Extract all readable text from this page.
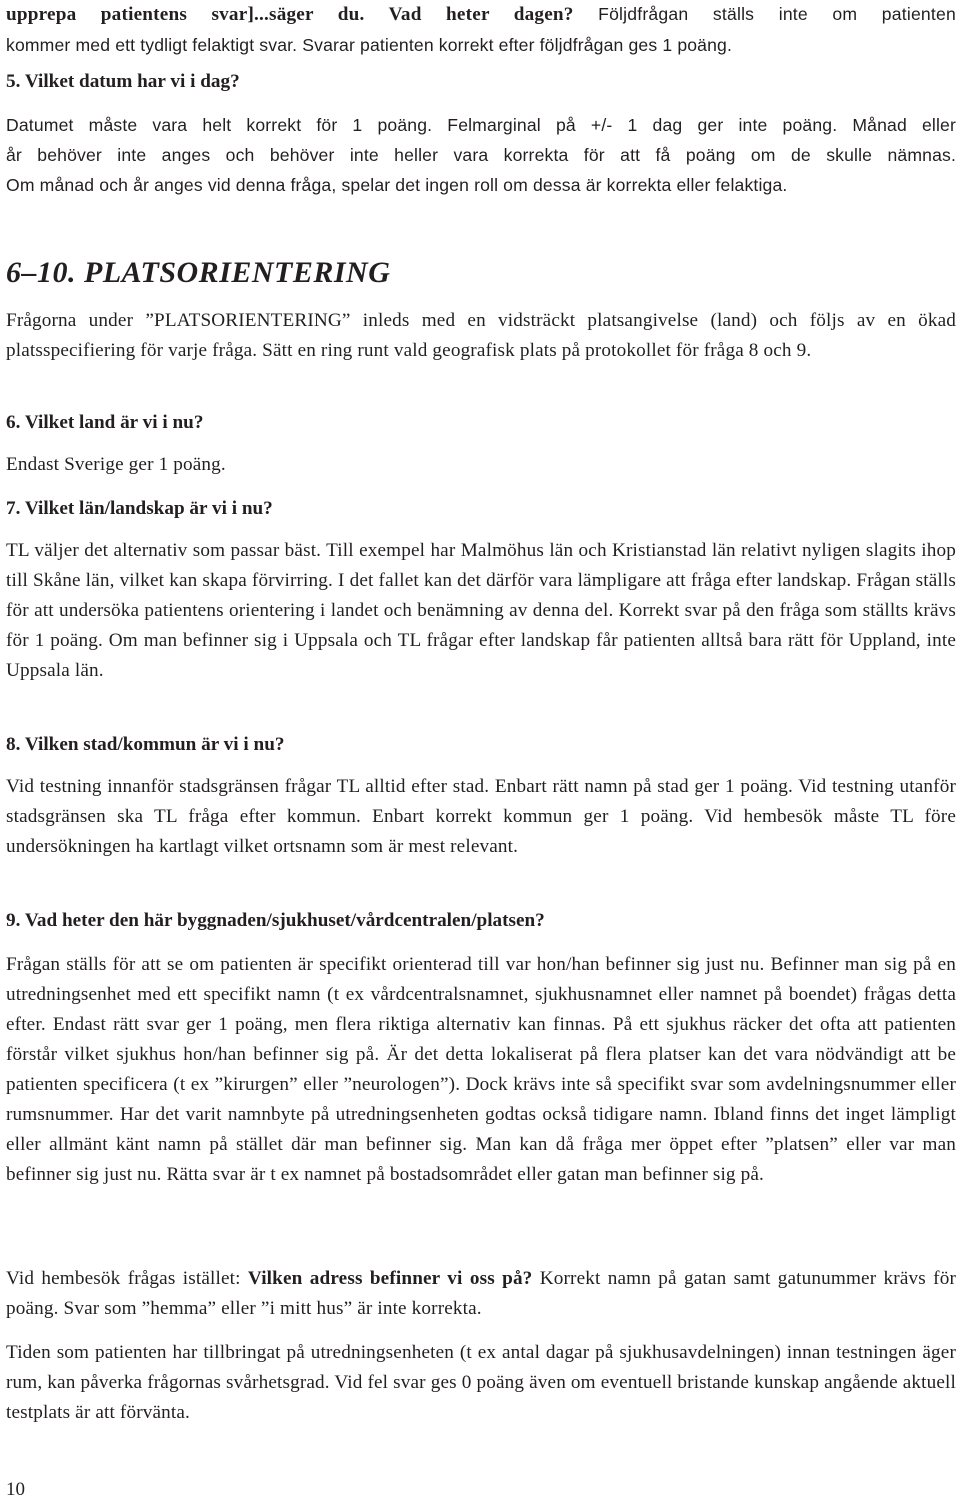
upprepa patientens svar]...säger du. Vad heter dagen? Följdfrågan ställs inte om patienten

kommer med ett tydligt felaktigt svar. Svarar patienten korrekt efter följdfrågan ges 1 poäng.

5. Vilket datum har vi i dag?

Datumet måste vara helt korrekt för 1 poäng. Felmarginal på +/- 1 dag ger inte poäng. Månad eller

år behöver inte anges och behöver inte heller vara korrekta för att få poäng om de skulle nämnas.

Om månad och år anges vid denna fråga, spelar det ingen roll om dessa är korrekta eller felaktiga.

6–10. PLATSORIENTERING

Frågorna under ”PLATSORIENTERING” inleds med en vidsträckt platsangivelse (land) och följs av en ökad platsspecifiering för varje fråga. Sätt en ring runt vald geografisk plats på protokollet för fråga 8 och 9.

6. Vilket land är vi i nu?

Endast Sverige ger 1 poäng.

7. Vilket län/landskap är vi i nu?

TL väljer det alternativ som passar bäst. Till exempel har Malmöhus län och Kristianstad län relativt nyligen slagits ihop till Skåne län, vilket kan skapa förvirring. I det fallet kan det därför vara lämpligare att fråga efter landskap. Frågan ställs för att undersöka patientens orientering i landet och benämning av denna del. Korrekt svar på den fråga som ställts krävs för 1 poäng. Om man befinner sig i Uppsala och TL frågar efter landskap får patienten alltså bara rätt för Uppland, inte Uppsala län.

8. Vilken stad/kommun är vi i nu?

Vid testning innanför stadsgränsen frågar TL alltid efter stad. Enbart rätt namn på stad ger 1 poäng. Vid testning utanför stadsgränsen ska TL fråga efter kommun. Enbart korrekt kommun ger 1 poäng. Vid hembesök måste TL före undersökningen ha kartlagt vilket ortsnamn som är mest relevant.

9. Vad heter den här byggnaden/sjukhuset/vårdcentralen/platsen?

Frågan ställs för att se om patienten är specifikt orienterad till var hon/han befinner sig just nu. Befinner man sig på en utredningsenhet med ett specifikt namn (t ex vårdcentralsnamnet, sjukhusnamnet eller namnet på boendet) frågas detta efter. Endast rätt svar ger 1 poäng, men flera riktiga alternativ kan finnas. På ett sjukhus räcker det ofta att patienten förstår vilket sjukhus hon/han befinner sig på. Är det detta lokaliserat på flera platser kan det vara nödvändigt att be patienten specificera (t ex ”kirurgen” eller ”neurologen”). Dock krävs inte så specifikt svar som avdelningsnummer eller rumsnummer. Har det varit namnbyte på utredningsenheten godtas också tidigare namn. Ibland finns det inget lämpligt eller allmänt känt namn på stället där man befinner sig. Man kan då fråga mer öppet efter ”platsen” eller var man befinner sig just nu. Rätta svar är t ex namnet på bostadsområdet eller gatan man befinner sig på.

Vid hembesök frågas istället: Vilken adress befinner vi oss på? Korrekt namn på gatan samt gatunummer krävs för poäng. Svar som ”hemma” eller ”i mitt hus” är inte korrekta.

Tiden som patienten har tillbringat på utredningsenheten (t ex antal dagar på sjukhusavdelningen) innan testningen äger rum, kan påverka frågornas svårhetsgrad. Vid fel svar ges 0 poäng även om eventuell bristande kunskap angående aktuell testplats är att förvänta.

10
